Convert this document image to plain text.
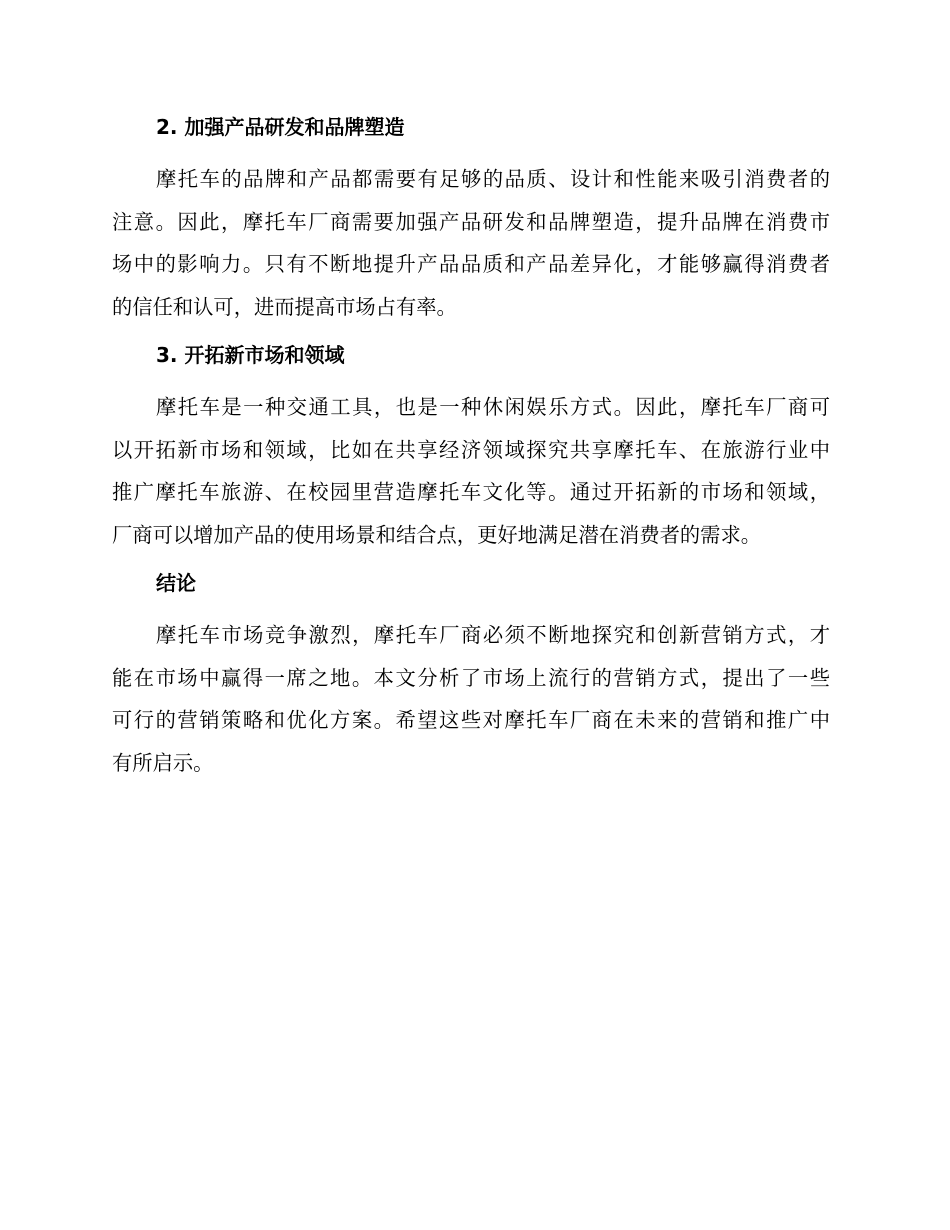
2. 加强产品研发和品牌塑造
摩托车的品牌和产品都需要有足够的品质、设计和性能来吸引消费者的
注意。因此，摩托车厂商需要加强产品研发和品牌塑造，提升品牌在消费市
场中的影响力。只有不断地提升产品品质和产品差异化，才能够赢得消费者
的信任和认可，进而提高市场占有率。
3. 开拓新市场和领域
摩托车是一种交通工具，也是一种休闲娱乐方式。因此，摩托车厂商可
以开拓新市场和领域，比如在共享经济领域探究共享摩托车、在旅游行业中
推广摩托车旅游、在校园里营造摩托车文化等。通过开拓新的市场和领域，
厂商可以增加产品的使用场景和结合点，更好地满足潜在消费者的需求。
结论
摩托车市场竞争激烈，摩托车厂商必须不断地探究和创新营销方式，才
能在市场中赢得一席之地。本文分析了市场上流行的营销方式，提出了一些
可行的营销策略和优化方案。希望这些对摩托车厂商在未来的营销和推广中
有所启示。
